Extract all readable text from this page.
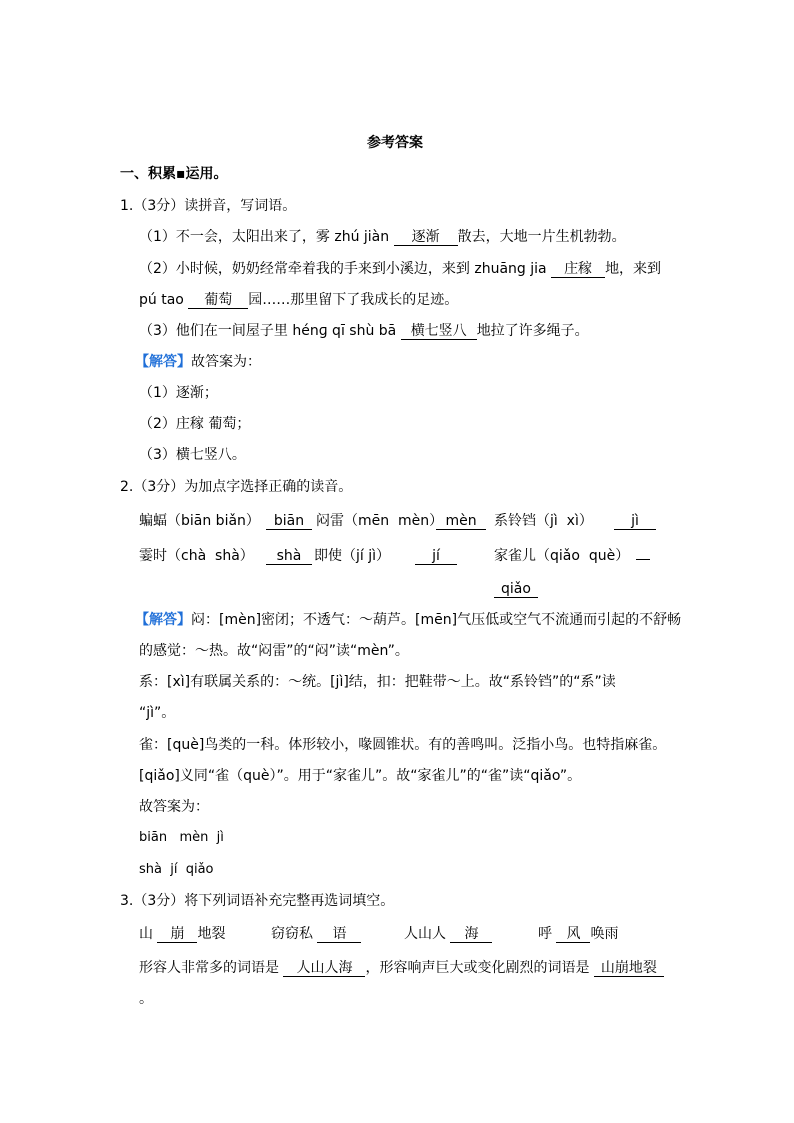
参考答案
一、积累▪运用。
1.（3分）读拼音，写词语。
（1）不一会，太阳出来了，雾 zhú jiàn 逐渐 散去，大地一片生机勃勃。
（2）小时候，奶奶经常牵着我的手来到小溪边，来到 zhuāng jia 庄稼 地，来到
pú tao 葡萄 园……那里留下了我成长的足迹。
（3）他们在一间屋子里 hénɡ qī shù bā 横七竖八 地拉了许多绳子。
【解答】故答案为：
（1）逐渐；
（2）庄稼 葡萄；
（3）横七竖八。
2.（3分）为加点字选择正确的读音。
蝙蝠（biān biǎn） biān 闷雷（mēn  mèn） mèn	系铃铛（jì  xì）	jì
霎时（chà  shà）	shà 即使（jí jì）	jí	家雀儿（qiǎo  què）
qiǎo
【解答】闷：[mèn]密闭；不透气：～葫芦。[mēn]气压低或空气不流通而引起的不舒畅
的感觉：～热。故“闷雷”的“闷”读“mèn”。
系：[xì]有联属关系的：～统。[jì]结，扣：把鞋带～上。故“系铃铛”的“系”读
“jì”。
雀：[què]鸟类的一科。体形较小，喙圆锥状。有的善鸣叫。泛指小鸟。也特指麻雀。
[qiǎo]义同“雀（què）”。用于“家雀儿”。故“家雀儿”的“雀”读“qiǎo”。
故答案为：
biān   mèn  jì
shà  jí  qiǎo
3.（3分）将下列词语补充完整再选词填空。
山 崩 地裂	窃窃私 语	人山人 海	呼 风 唤雨
形容人非常多的词语是 人山人海 ，形容响声巨大或变化剧烈的词语是 山崩地裂
。
